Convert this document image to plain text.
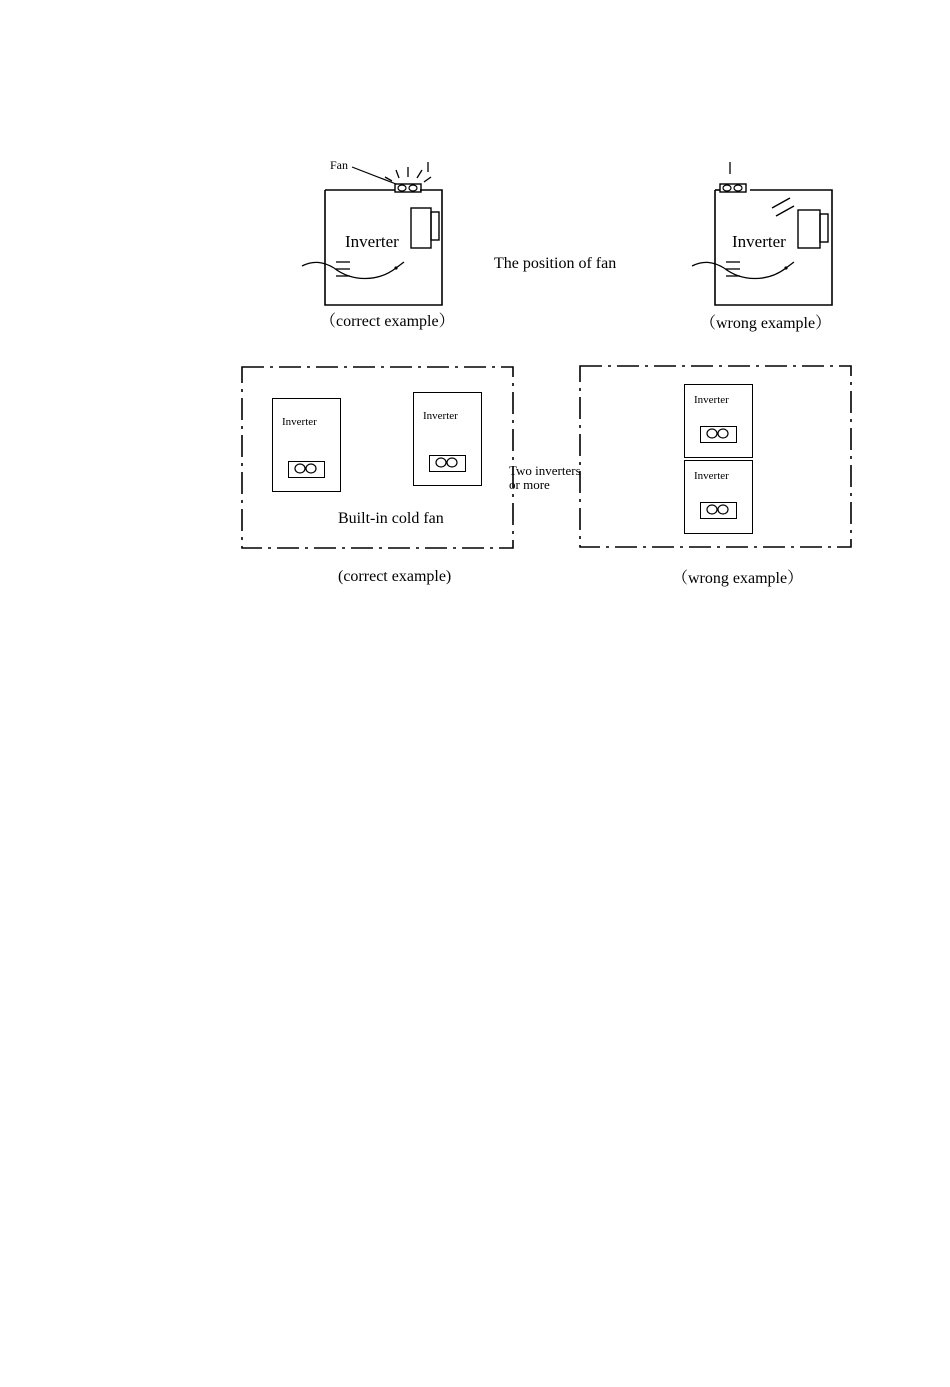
Fan
Inverter
（correct example）
The position of fan
Inverter
（wrong example）
Inverter	Inverter
Built-in cold fan
(correct example)
Two inverters
or more
Inverter
Inverter
（wrong example）
